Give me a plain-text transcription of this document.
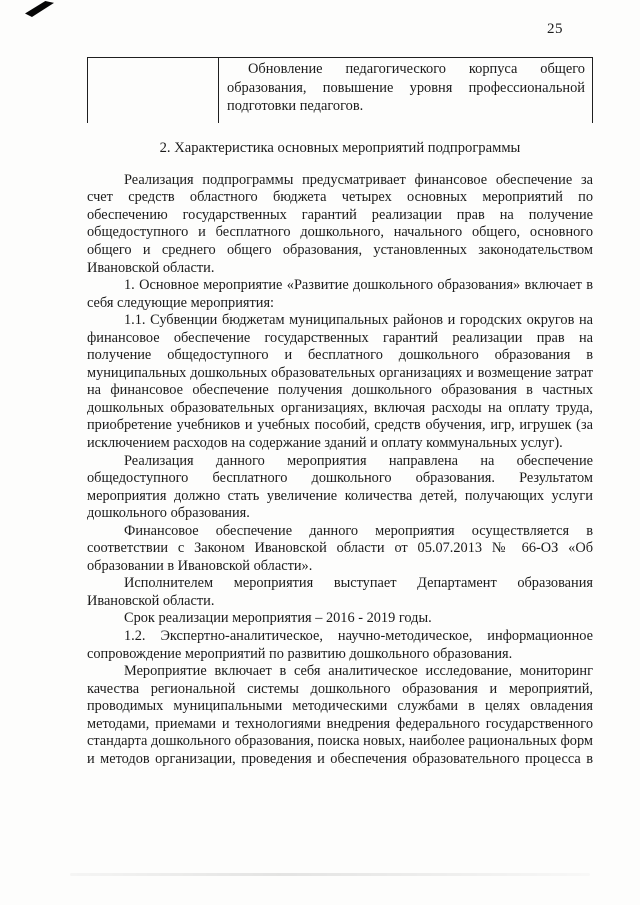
25
Обновление педагогического корпуса общего образования, повышение уровня профессиональной подготовки педагогов.
2. Характеристика основных мероприятий подпрограммы

Реализация подпрограммы предусматривает финансовое обеспечение за счет средств областного бюджета четырех основных мероприятий по обеспечению государственных гарантий реализации прав на получение общедоступного и бесплатного дошкольного, начального общего, основного общего и среднего общего образования, установленных законодательством Ивановской области.

1. Основное мероприятие «Развитие дошкольного образования» включает в себя следующие мероприятия:

1.1. Субвенции бюджетам муниципальных районов и городских округов на финансовое обеспечение государственных гарантий реализации прав на получение общедоступного и бесплатного дошкольного образования в муниципальных дошкольных образовательных организациях и возмещение затрат на финансовое обеспечение получения дошкольного образования в частных дошкольных образовательных организациях, включая расходы на оплату труда, приобретение учебников и учебных пособий, средств обучения, игр, игрушек (за исключением расходов на содержание зданий и оплату коммунальных услуг).

Реализация данного мероприятия направлена на обеспечение общедоступного бесплатного дошкольного образования. Результатом мероприятия должно стать увеличение количества детей, получающих услуги дошкольного образования.

Финансовое обеспечение данного мероприятия осуществляется в соответствии с Законом Ивановской области от 05.07.2013 № 66-ОЗ «Об образовании в Ивановской области».

Исполнителем мероприятия выступает Департамент образования Ивановской области.

Срок реализации мероприятия – 2016 - 2019 годы.

1.2. Экспертно-аналитическое, научно-методическое, информационное сопровождение мероприятий по развитию дошкольного образования.

Мероприятие включает в себя аналитическое исследование, мониторинг качества региональной системы дошкольного образования и мероприятий, проводимых муниципальными методическими службами в целях овладения методами, приемами и технологиями внедрения федерального государственного стандарта дошкольного образования, поиска новых, наиболее рациональных форм и методов организации, проведения и обеспечения образовательного процесса в
